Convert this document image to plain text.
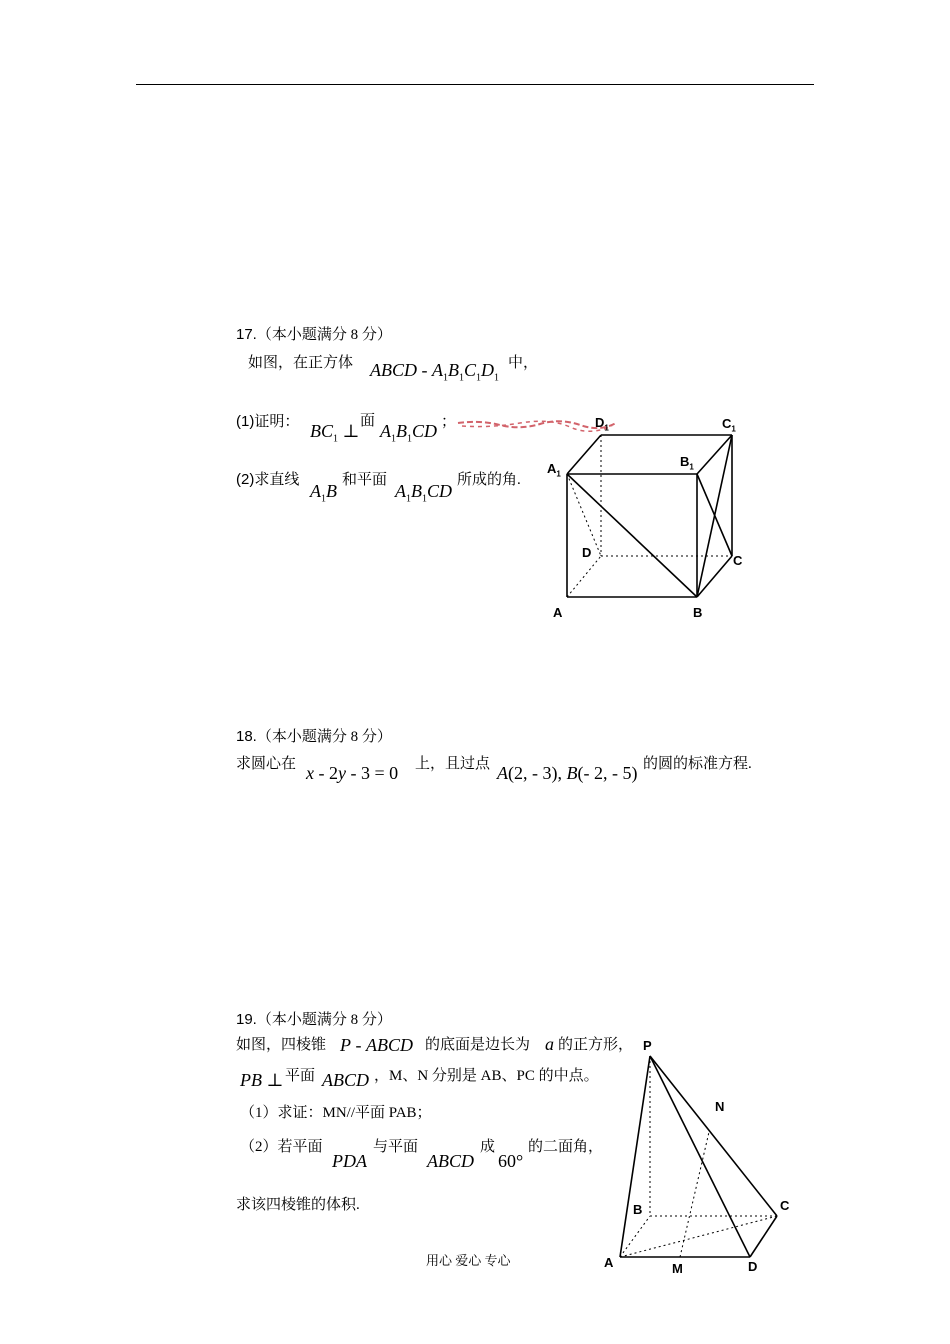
17.（本小题满分 8 分）
如图，在正方体 ABCD - $A_1B_1C_1D_1$
中，
(1)证明： $BC_1$ ⊥ 面 $A_1B_1CD$ ；
(2)求直线
$A_1B$
和平面
$A_1B_1CD$
所成的角.
$D_1$	$C_1$
$A_1$
$B_1$
D
C
A	B
18.（本小题满分 8 分）
求圆心在 x - 2y - 3 = 0 上，且过点 A(2, - 3), B(- 2, - 5) 的圆的标准方程.
19.（本小题满分 8 分）
如图，四棱锥 P - ABCD 的底面是边长为 a 的正方形，
PB ⊥ 平面 ABCD ，M、N 分别是 AB、PC 的中点。
（1）求证：MN//平面 PAB；
（2）若平面
PDA
与平面
ABCD
成
60°
的二面角，
求该四棱锥的体积.
P
N
C
B
A	M	D
用心 爱心 专心
